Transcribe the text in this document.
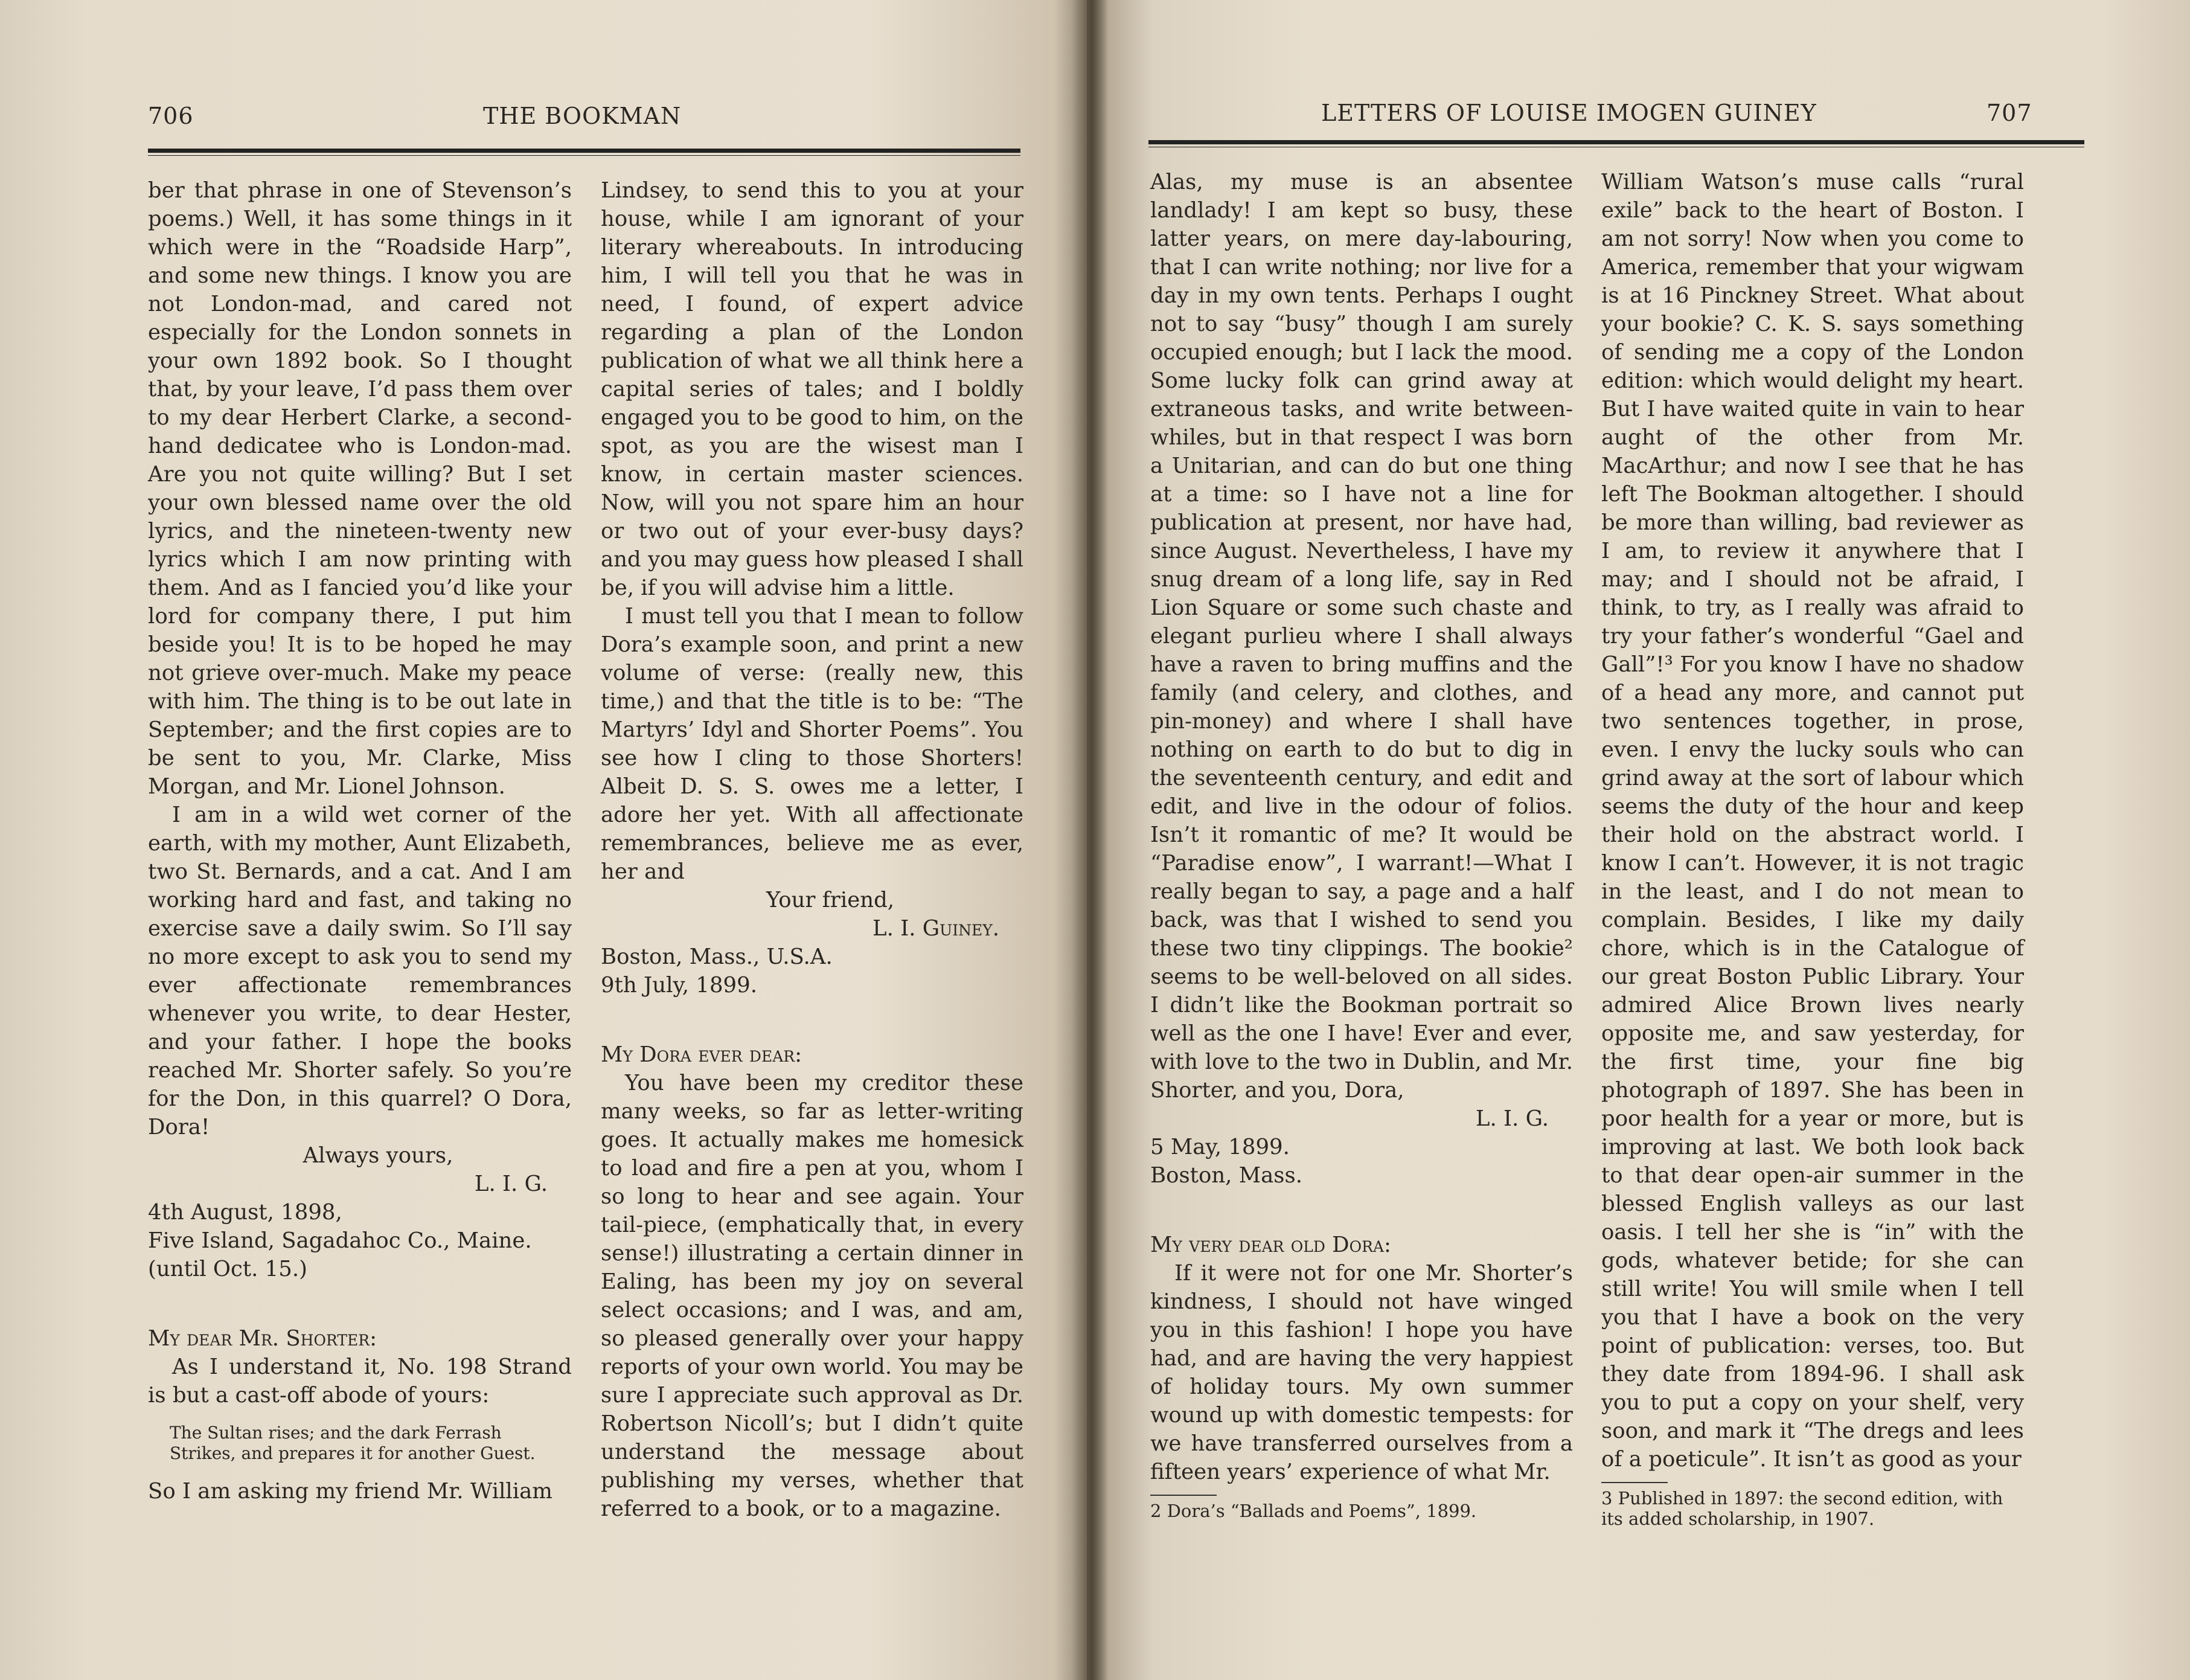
706	THE BOOKMAN

ber that phrase in one of Stevenson’s poems.) Well, it has some things in it which were in the “Roadside Harp”, and some new things. I know you are not London-mad, and cared not especially for the London sonnets in your own 1892 book. So I thought that, by your leave, I’d pass them over to my dear Herbert Clarke, a second-hand dedicatee who is London-mad. Are you not quite willing? But I set your own blessed name over the old lyrics, and the nineteen-twenty new lyrics which I am now printing with them. And as I fancied you’d like your lord for company there, I put him beside you! It is to be hoped he may not grieve over-much. Make my peace with him. The thing is to be out late in September; and the first copies are to be sent to you, Mr. Clarke, Miss Morgan, and Mr. Lionel Johnson.

I am in a wild wet corner of the earth, with my mother, Aunt Elizabeth, two St. Bernards, and a cat. And I am working hard and fast, and taking no exercise save a daily swim. So I’ll say no more except to ask you to send my ever affectionate remembrances whenever you write, to dear Hester, and your father. I hope the books reached Mr. Shorter safely. So you’re for the Don, in this quarrel? O Dora, Dora!

Always yours,

L. I. G.

4th August, 1898,

Five Island, Sagadahoc Co., Maine.

(until Oct. 15.)

My dear Mr. Shorter:

As I understand it, No. 198 Strand is but a cast-off abode of yours:

The Sultan rises; and the dark Ferrash
Strikes, and prepares it for another Guest.

So I am asking my friend Mr. William

Lindsey, to send this to you at your house, while I am ignorant of your literary whereabouts. In introducing him, I will tell you that he was in need, I found, of expert advice regarding a plan of the London publication of what we all think here a capital series of tales; and I boldly engaged you to be good to him, on the spot, as you are the wisest man I know, in certain master sciences. Now, will you not spare him an hour or two out of your ever-busy days? and you may guess how pleased I shall be, if you will advise him a little.

I must tell you that I mean to follow Dora’s example soon, and print a new volume of verse: (really new, this time,) and that the title is to be: “The Martyrs’ Idyl and Shorter Poems”. You see how I cling to those Shorters! Albeit D. S. S. owes me a letter, I adore her yet. With all affectionate remembrances, believe me as ever, her and

Your friend,

L. I. Guiney.

Boston, Mass., U.S.A.

9th July, 1899.

My Dora ever dear:

You have been my creditor these many weeks, so far as letter-writing goes. It actually makes me homesick to load and fire a pen at you, whom I so long to hear and see again. Your tail-piece, (emphatically that, in every sense!) illustrating a certain dinner in Ealing, has been my joy on several select occasions; and I was, and am, so pleased generally over your happy reports of your own world. You may be sure I appreciate such approval as Dr. Robertson Nicoll’s; but I didn’t quite understand the message about publishing my verses, whether that referred to a book, or to a magazine.

LETTERS OF LOUISE IMOGEN GUINEY	707

Alas, my muse is an absentee landlady! I am kept so busy, these latter years, on mere day-labouring, that I can write nothing; nor live for a day in my own tents. Perhaps I ought not to say “busy” though I am surely occupied enough; but I lack the mood. Some lucky folk can grind away at extraneous tasks, and write between-whiles, but in that respect I was born a Unitarian, and can do but one thing at a time: so I have not a line for publication at present, nor have had, since August. Nevertheless, I have my snug dream of a long life, say in Red Lion Square or some such chaste and elegant purlieu where I shall always have a raven to bring muffins and the family (and celery, and clothes, and pin-money) and where I shall have nothing on earth to do but to dig in the seventeenth century, and edit and edit, and live in the odour of folios. Isn’t it romantic of me? It would be “Paradise enow”, I warrant!—What I really began to say, a page and a half back, was that I wished to send you these two tiny clippings. The bookie² seems to be well-beloved on all sides. I didn’t like the Bookman portrait so well as the one I have! Ever and ever, with love to the two in Dublin, and Mr. Shorter, and you, Dora,

L. I. G.

5 May, 1899.

Boston, Mass.

My very dear old Dora:

If it were not for one Mr. Shorter’s kindness, I should not have winged you in this fashion! I hope you have had, and are having the very happiest of holiday tours. My own summer wound up with domestic tempests: for we have transferred ourselves from a fifteen years’ experience of what Mr.

2 Dora’s “Ballads and Poems”, 1899.

William Watson’s muse calls “rural exile” back to the heart of Boston. I am not sorry! Now when you come to America, remember that your wigwam is at 16 Pinckney Street. What about your bookie? C. K. S. says something of sending me a copy of the London edition: which would delight my heart. But I have waited quite in vain to hear aught of the other from Mr. MacArthur; and now I see that he has left The Bookman altogether. I should be more than willing, bad reviewer as I am, to review it anywhere that I may; and I should not be afraid, I think, to try, as I really was afraid to try your father’s wonderful “Gael and Gall”!³ For you know I have no shadow of a head any more, and cannot put two sentences together, in prose, even. I envy the lucky souls who can grind away at the sort of labour which seems the duty of the hour and keep their hold on the abstract world. I know I can’t. However, it is not tragic in the least, and I do not mean to complain. Besides, I like my daily chore, which is in the Catalogue of our great Boston Public Library. Your admired Alice Brown lives nearly opposite me, and saw yesterday, for the first time, your fine big photograph of 1897. She has been in poor health for a year or more, but is improving at last. We both look back to that dear open-air summer in the blessed English valleys as our last oasis. I tell her she is “in” with the gods, whatever betide; for she can still write! You will smile when I tell you that I have a book on the very point of publication: verses, too. But they date from 1894-96. I shall ask you to put a copy on your shelf, very soon, and mark it “The dregs and lees of a poeticule”. It isn’t as good as your

3 Published in 1897: the second edition, with its added scholarship, in 1907.
